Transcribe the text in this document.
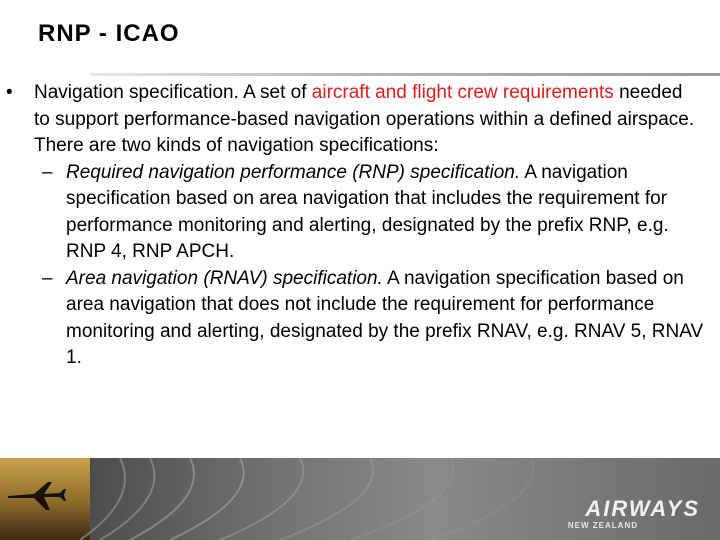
RNP - ICAO
• Navigation specification. A set of aircraft and flight crew requirements needed to support performance-based navigation operations within a defined airspace. There are two kinds of navigation specifications:
– Required navigation performance (RNP) specification. A navigation specification based on area navigation that includes the requirement for performance monitoring and alerting, designated by the prefix RNP, e.g. RNP 4, RNP APCH.
– Area navigation (RNAV) specification. A navigation specification based on area navigation that does not include the requirement for performance monitoring and alerting, designated by the prefix RNAV, e.g. RNAV 5, RNAV 1.
AIRWAYS
NEW ZEALAND
